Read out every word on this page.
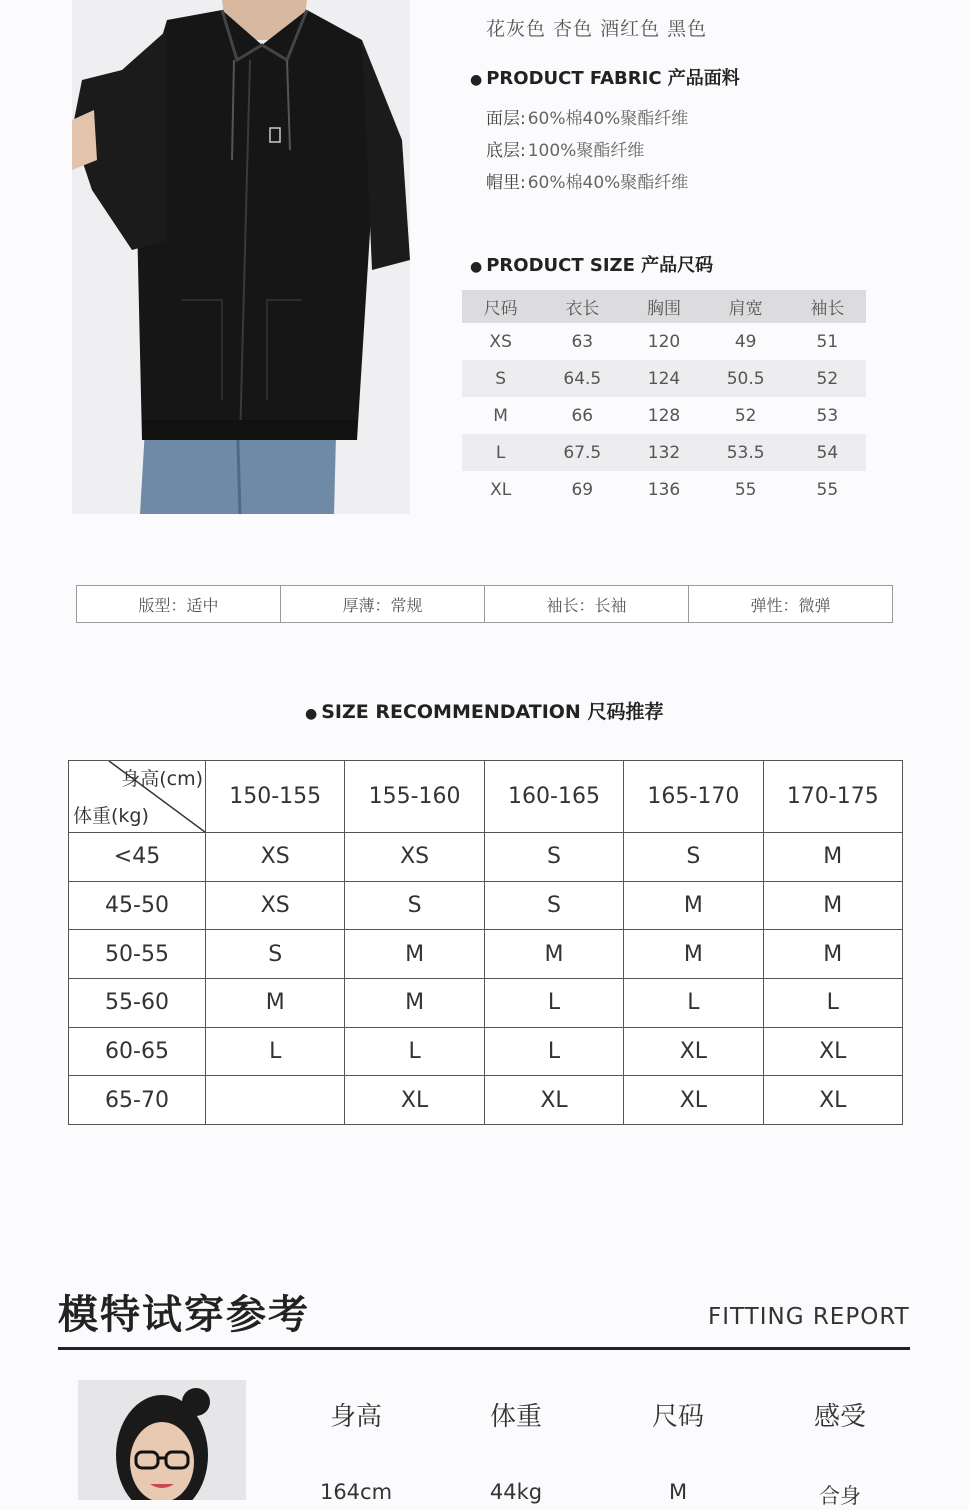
花灰色 杏色 酒红色 黑色
● PRODUCT FABRIC 产品面料
面层: 60%棉40%聚酯纤维
底层: 100%聚酯纤维
帽里: 60%棉40%聚酯纤维
● PRODUCT SIZE 产品尺码
尺码	衣长	胸围	肩宽	袖长
XS	63	120	49	51
S	64.5	124	50.5	52
M	66	128	52	53
L	67.5	132	53.5	54
XL	69	136	55	55
版型：适中	厚薄：常规	袖长：长袖	弹性：微弹
● SIZE RECOMMENDATION 尺码推荐
身高(cm)
体重(kg)	150-155	155-160	160-165	165-170	170-175
<45	XS	XS	S	S	M
45-50	XS	S	S	M	M
50-55	S	M	M	M	M
55-60	M	M	L	L	L
60-65	L	L	L	XL	XL
65-70		XL	XL	XL	XL
模特试穿参考	FITTING REPORT
身高	体重	尺码	感受
164cm	44kg	M	合身
